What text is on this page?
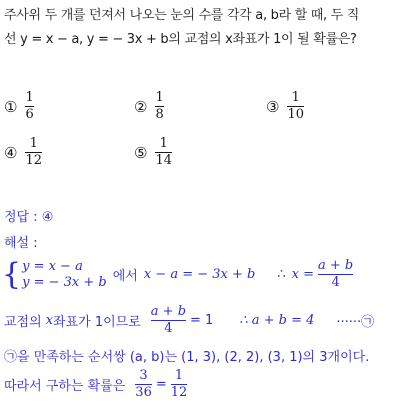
주사위 두 개를 던져서 나오는 눈의 수를 각각 a, b라 할 때, 두 직
선 y = x − a, y = − 3x + b의 교점의 x좌표가 1이 될 확률은?
① $\frac{1}{6}$	② $\frac{1}{8}$	③ $\frac{1}{10}$
④ $\frac{1}{12}$	⑤ $\frac{1}{14}$
정답 : ④
해설 :
{ y = x − a
y = − 3x + b 에서 x − a = − 3x + b ∴ $x = \frac{a + b}{4}$
교점의 x 좌표가 1이므로 $\frac{a + b}{4} = 1$ ∴ a + b = 4 ······㉠
㉠을 만족하는 순서쌍 (a, b)는 (1, 3), (2, 2), (3, 1)의 3개이다.
따라서 구하는 확률은 $\frac{3}{36} = \frac{1}{12}$
